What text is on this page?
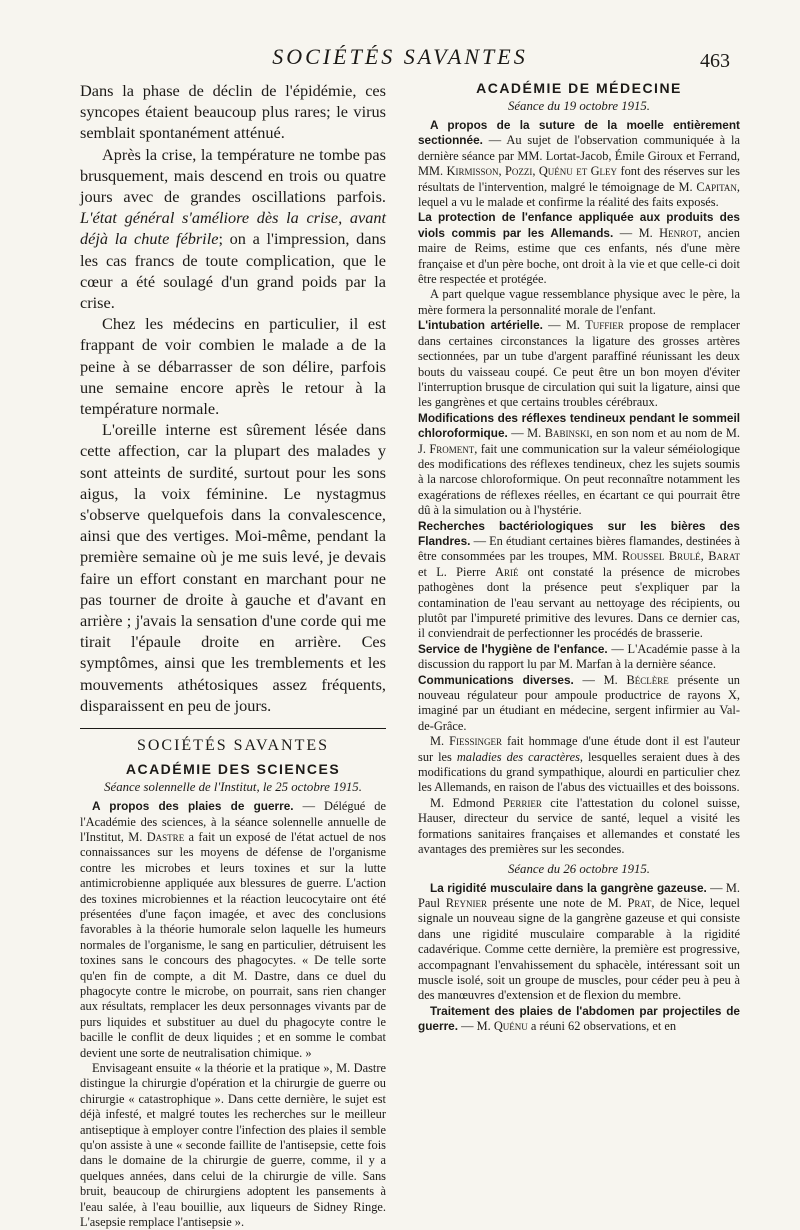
SOCIÉTÉS SAVANTES	463

Dans la phase de déclin de l'épidémie, ces syncopes étaient beaucoup plus rares; le virus semblait spontanément atténué.

Après la crise, la température ne tombe pas brusquement, mais descend en trois ou quatre jours avec de grandes oscillations parfois. L'état général s'améliore dès la crise, avant déjà la chute fébrile; on a l'impression, dans les cas francs de toute complication, que le cœur a été soulagé d'un grand poids par la crise.

Chez les médecins en particulier, il est frappant de voir combien le malade a de la peine à se débarrasser de son délire, parfois une semaine encore après le retour à la température normale.

L'oreille interne est sûrement lésée dans cette affection, car la plupart des malades y sont atteints de surdité, surtout pour les sons aigus, la voix féminine. Le nystagmus s'observe quelquefois dans la convalescence, ainsi que des vertiges. Moi-même, pendant la première semaine où je me suis levé, je devais faire un effort constant en marchant pour ne pas tourner de droite à gauche et d'avant en arrière ; j'avais la sensation d'une corde qui me tirait l'épaule droite en arrière. Ces symptômes, ainsi que les tremblements et les mouvements athétosiques assez fréquents, disparaissent en peu de jours.

SOCIÉTÉS SAVANTES
ACADÉMIE DES SCIENCES
Séance solennelle de l'Institut, le 25 octobre 1915.

A propos des plaies de guerre. — Délégué de l'Académie des sciences, à la séance solennelle annuelle de l'Institut, M. Dastre a fait un exposé de l'état actuel de nos connaissances sur les moyens de défense de l'organisme contre les microbes et leurs toxines et sur la lutte antimicrobienne appliquée aux blessures de guerre. L'action des toxines microbiennes et la réaction leucocytaire ont été présentées d'une façon imagée, et avec des conclusions favorables à la théorie humorale selon laquelle les humeurs normales de l'organisme, le sang en particulier, détruisent les toxines sans le concours des phagocytes. « De telle sorte qu'en fin de compte, a dit M. Dastre, dans ce duel du phagocyte contre le microbe, on pourrait, sans rien changer aux résultats, remplacer les deux personnages vivants par de purs liquides et substituer au duel du phagocyte contre le bacille le conflit de deux liquides ; et en somme le combat devient une sorte de neutralisation chimique. »

Envisageant ensuite « la théorie et la pratique », M. Dastre distingue la chirurgie d'opération et la chirurgie de guerre ou chirurgie « catastrophique ». Dans cette dernière, le sujet est déjà infesté, et malgré toutes les recherches sur le meilleur antiseptique à employer contre l'infection des plaies il semble qu'on assiste à une « seconde faillite de l'antisepsie, cette fois dans le domaine de la chirurgie de guerre, comme, il y a quelques années, dans celui de la chirurgie de ville. Sans bruit, beaucoup de chirurgiens adoptent les pansements à l'eau salée, à l'eau bouillie, aux liqueurs de Sidney Ringe. L'asepsie remplace l'antisepsie ».

ACADÉMIE DE MÉDECINE
Séance du 19 octobre 1915.

A propos de la suture de la moelle entièrement sectionnée. — Au sujet de l'observation communiquée à la dernière séance par MM. Lortat-Jacob, Émile Giroux et Ferrand, MM. Kirmisson, Pozzi, Quénu et Gley font des réserves sur les résultats de l'intervention, malgré le témoignage de M. Capitan, lequel a vu le malade et confirme la réalité des faits exposés.

La protection de l'enfance appliquée aux produits des viols commis par les Allemands. — M. Henrot, ancien maire de Reims, estime que ces enfants, nés d'une mère française et d'un père boche, ont droit à la vie et que celle-ci doit être respectée et protégée.

A part quelque vague ressemblance physique avec le père, la mère formera la personnalité morale de l'enfant.

L'intubation artérielle. — M. Tuffier propose de remplacer dans certaines circonstances la ligature des grosses artères sectionnées, par un tube d'argent paraffiné réunissant les deux bouts du vaisseau coupé. Ce peut être un bon moyen d'éviter l'interruption brusque de circulation qui suit la ligature, ainsi que les gangrènes et que certains troubles cérébraux.

Modifications des réflexes tendineux pendant le sommeil chloroformique. — M. Babinski, en son nom et au nom de M. J. Froment, fait une communication sur la valeur séméiologique des modifications des réflexes tendineux, chez les sujets soumis à la narcose chloroformique. On peut reconnaître notamment les exagérations de réflexes réelles, en écartant ce qui pourrait être dû à la simulation ou à l'hystérie.

Recherches bactériologiques sur les bières des Flandres. — En étudiant certaines bières flamandes, destinées à être consommées par les troupes, MM. Roussel Brulé, Barat et L. Pierre Arié ont constaté la présence de microbes pathogènes dont la présence peut s'expliquer par la contamination de l'eau servant au nettoyage des récipients, ou plutôt par l'impureté primitive des levures. Dans ce dernier cas, il conviendrait de perfectionner les procédés de brasserie.

Service de l'hygiène de l'enfance. — L'Académie passe à la discussion du rapport lu par M. Marfan à la dernière séance.

Communications diverses. — M. Béclère présente un nouveau régulateur pour ampoule productrice de rayons X, imaginé par un étudiant en médecine, sergent infirmier au Val-de-Grâce.

M. Fiessinger fait hommage d'une étude dont il est l'auteur sur les maladies des caractères, lesquelles seraient dues à des modifications du grand sympathique, alourdi en particulier chez les Allemands, en raison de l'abus des victuailles et des boissons.

M. Edmond Perrier cite l'attestation du colonel suisse, Hauser, directeur du service de santé, lequel a visité les formations sanitaires françaises et allemandes et constaté les avantages des premières sur les secondes.

Séance du 26 octobre 1915.

La rigidité musculaire dans la gangrène gazeuse. — M. Paul Reynier présente une note de M. Prat, de Nice, lequel signale un nouveau signe de la gangrène gazeuse et qui consiste dans une rigidité musculaire comparable à la rigidité cadavérique. Comme cette dernière, la première est progressive, accompagnant l'envahissement du sphacèle, intéressant soit un muscle isolé, soit un groupe de muscles, pour céder peu à peu à des manœuvres d'extension et de flexion du membre.

Traitement des plaies de l'abdomen par projectiles de guerre. — M. Quénu a réuni 62 observations, et en
